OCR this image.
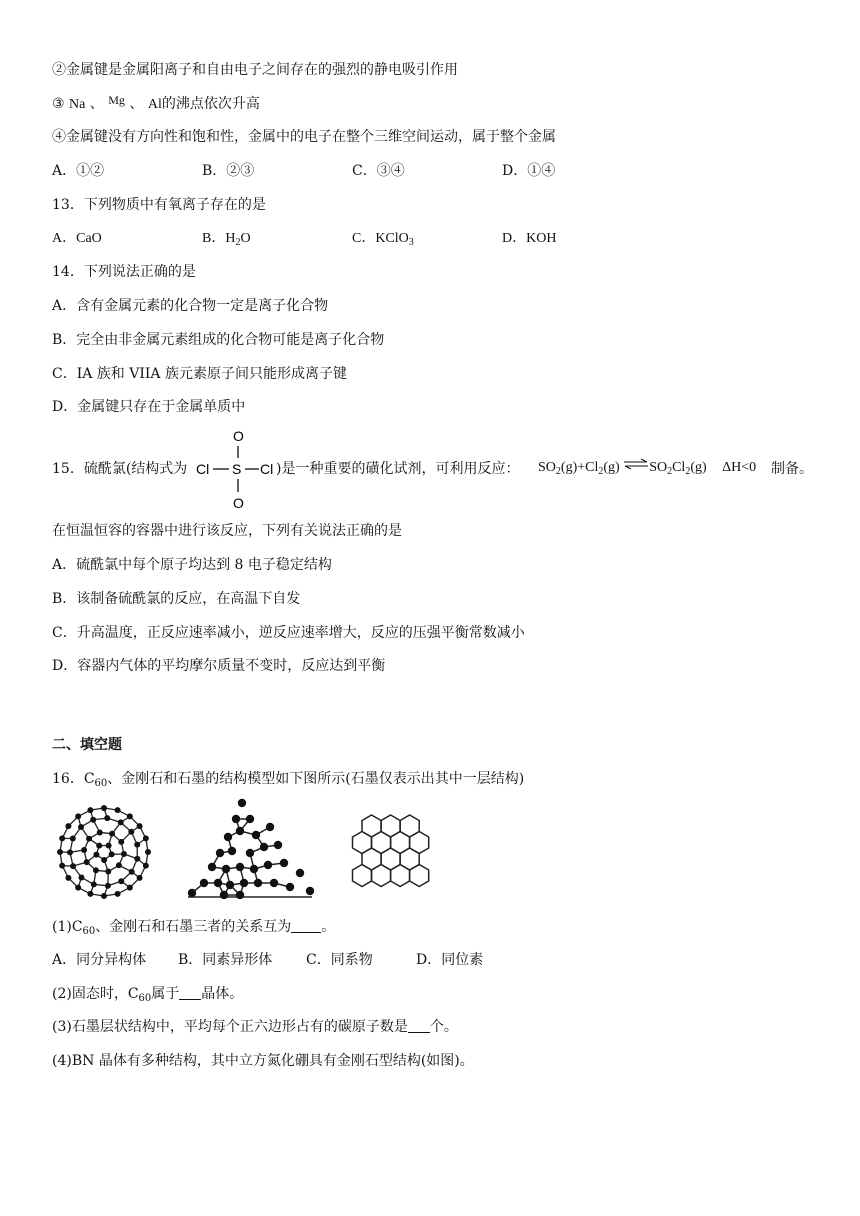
②金属键是金属阳离子和自由电子之间存在的强烈的静电吸引作用
③ Na 、 Mg 、 Al的沸点依次升高
④金属键没有方向性和饱和性，金属中的电子在整个三维空间运动，属于整个金属
A．①②	B．②③	C．③④	D．①④
13．下列物质中有氧离子存在的是
A．CaO	B．$H_2O$	C．KClO$_3$	D．KOH
14．下列说法正确的是
A．含有金属元素的化合物一定是离子化合物
B．完全由非金属元素组成的化合物可能是离子化合物
C．IA 族和 VIIA 族元素原子间只能形成离子键
D．金属键只存在于金属单质中
15．硫酰氯(结构式为
O
Cl S Cl
O
)是一种重要的磺化试剂，可利用反应： $SO_2(g)+Cl_2(g)$ $\rightleftharpoons SO_2Cl_2(g)$ ΔH<0 制备。
在恒温恒容的容器中进行该反应，下列有关说法正确的是
A．硫酰氯中每个原子均达到 8 电子稳定结构
B．该制备硫酰氯的反应，在高温下自发
C．升高温度，正反应速率减小，逆反应速率增大，反应的压强平衡常数减小
D．容器内气体的平均摩尔质量不变时，反应达到平衡
二、填空题
16．$C_{60}$、金刚石和石墨的结构模型如下图所示(石墨仅表示出其中一层结构)
$(1)C_{60}$、金刚石和石墨三者的关系互为 。
A．同分异构体 B．同素异形体 C．同系物	D．同位素
(2)固态时，$C_{60}$属于 晶体。
(3)石墨层状结构中，平均每个正六边形占有的碳原子数是 个。
(4)BN 晶体有多种结构，其中立方氮化硼具有金刚石型结构(如图)。
